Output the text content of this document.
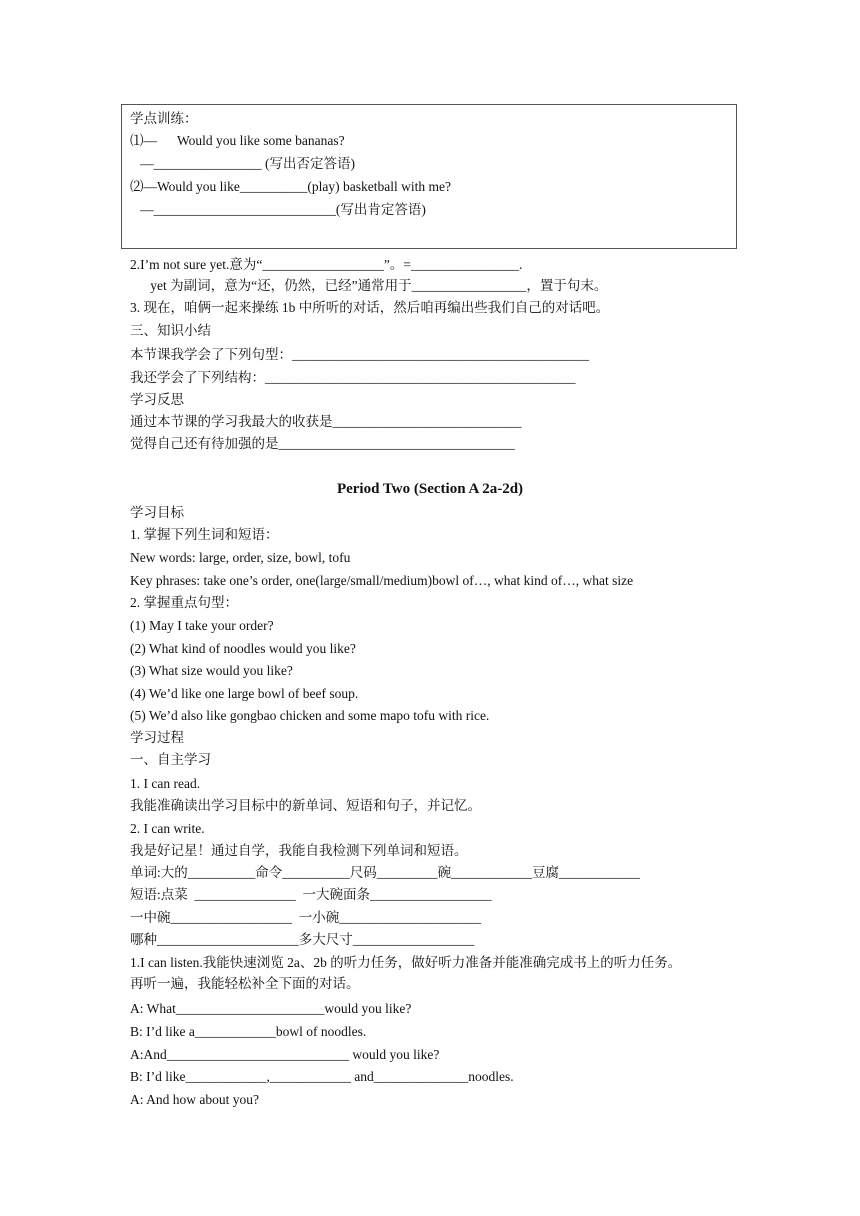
学点训练：
⑴—      Would you like some bananas?
—________________ (写出否定答语)
⑵—Would you like__________(play) basketball with me?
—___________________________(写出肯定答语)
2.I’m not sure yet.意为“__________________”。=________________.
yet 为副词，意为“还，仍然，已经”通常用于_________________，置于句末。
3. 现在，咱俩一起来操练 1b 中所听的对话，然后咱再编出些我们自己的对话吧。
三、知识小结
本节课我学会了下列句型：____________________________________________
我还学会了下列结构：______________________________________________
学习反思
通过本节课的学习我最大的收获是____________________________
觉得自己还有待加强的是___________________________________
Period Two (Section A 2a-2d)
学习目标
1. 掌握下列生词和短语：
New words: large, order, size, bowl, tofu
Key phrases: take one’s order, one(large/small/medium)bowl of…, what kind of…, what size
2. 掌握重点句型：
(1) May I take your order?
(2) What kind of noodles would you like?
(3) What size would you like?
(4) We’d like one large bowl of beef soup.
(5) We’d also like gongbao chicken and some mapo tofu with rice.
学习过程
一、自主学习
1. I can read.
我能准确读出学习目标中的新单词、短语和句子，并记忆。
2. I can write.
我是好记星！通过自学，我能自我检测下列单词和短语。
单词:大的__________命令__________尺码_________碗____________豆腐____________
短语:点菜  _______________  一大碗面条__________________
一中碗__________________  一小碗_____________________
哪种_____________________多大尺寸__________________
1.I can listen.我能快速浏览 2a、2b 的听力任务，做好听力准备并能准确完成书上的听力任务。
再听一遍，我能轻松补全下面的对话。
A: What______________________would you like?
B: I’d like a____________bowl of noodles.
A:And___________________________ would you like?
B: I’d like____________,____________ and______________noodles.
A: And how about you?
